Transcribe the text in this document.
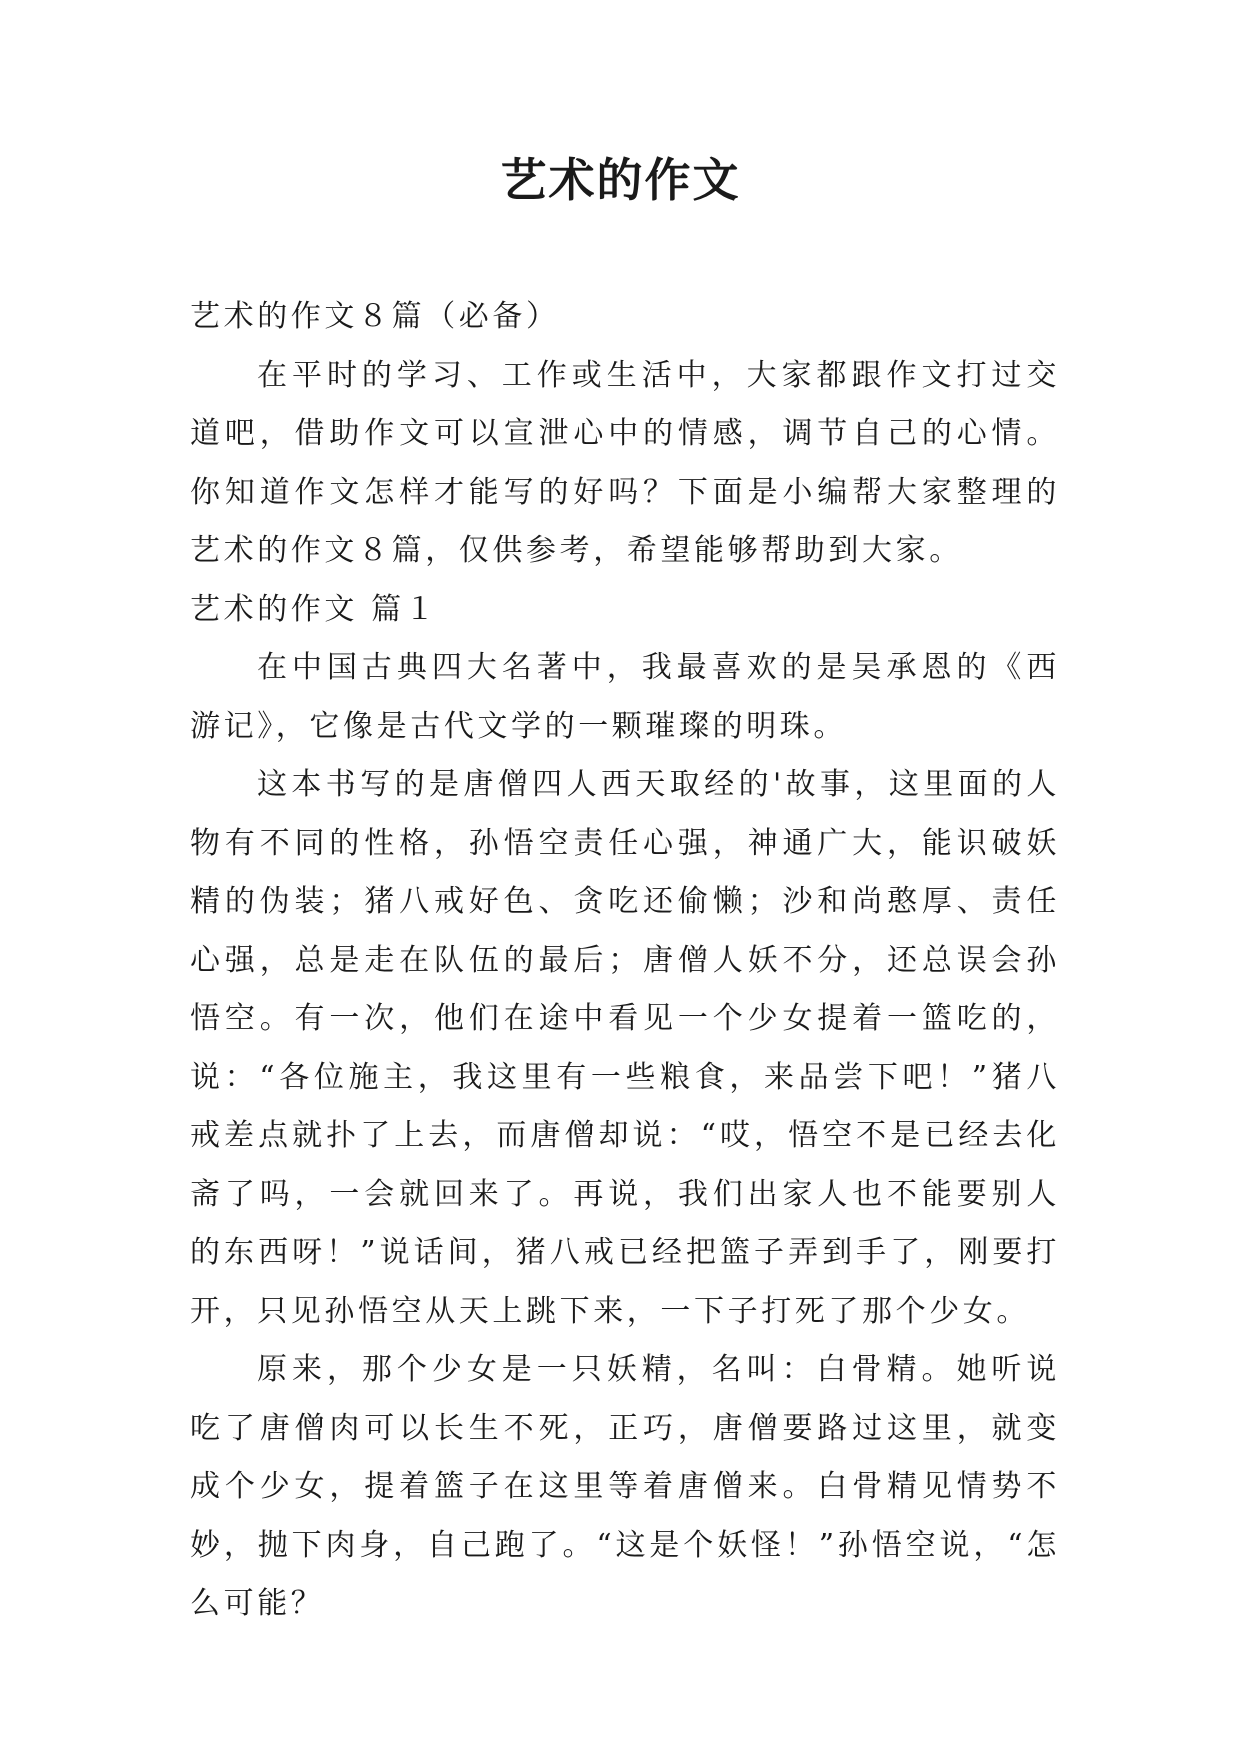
艺术的作文

艺术的作文８篇（必备）

在平时的学习、工作或生活中，大家都跟作文打过交道吧，借助作文可以宣泄心中的情感，调节自己的心情。你知道作文怎样才能写的好吗？下面是小编帮大家整理的艺术的作文８篇，仅供参考，希望能够帮助到大家。

艺术的作文 篇１

在中国古典四大名著中，我最喜欢的是吴承恩的《西游记》，它像是古代文学的一颗璀璨的明珠。

这本书写的是唐僧四人西天取经的'故事，这里面的人物有不同的性格，孙悟空责任心强，神通广大，能识破妖精的伪装；猪八戒好色、贪吃还偷懒；沙和尚憨厚、责任心强，总是走在队伍的最后；唐僧人妖不分，还总误会孙悟空。有一次，他们在途中看见一个少女提着一篮吃的，说：“各位施主，我这里有一些粮食，来品尝下吧！”猪八戒差点就扑了上去，而唐僧却说：“哎，悟空不是已经去化斋了吗，一会就回来了。再说，我们出家人也不能要别人的东西呀！”说话间，猪八戒已经把篮子弄到手了，刚要打开，只见孙悟空从天上跳下来，一下子打死了那个少女。

原来，那个少女是一只妖精，名叫：白骨精。她听说吃了唐僧肉可以长生不死，正巧，唐僧要路过这里，就变成个少女，提着篮子在这里等着唐僧来。白骨精见情势不妙，抛下肉身，自己跑了。“这是个妖怪！”孙悟空说，“怎么可能？
